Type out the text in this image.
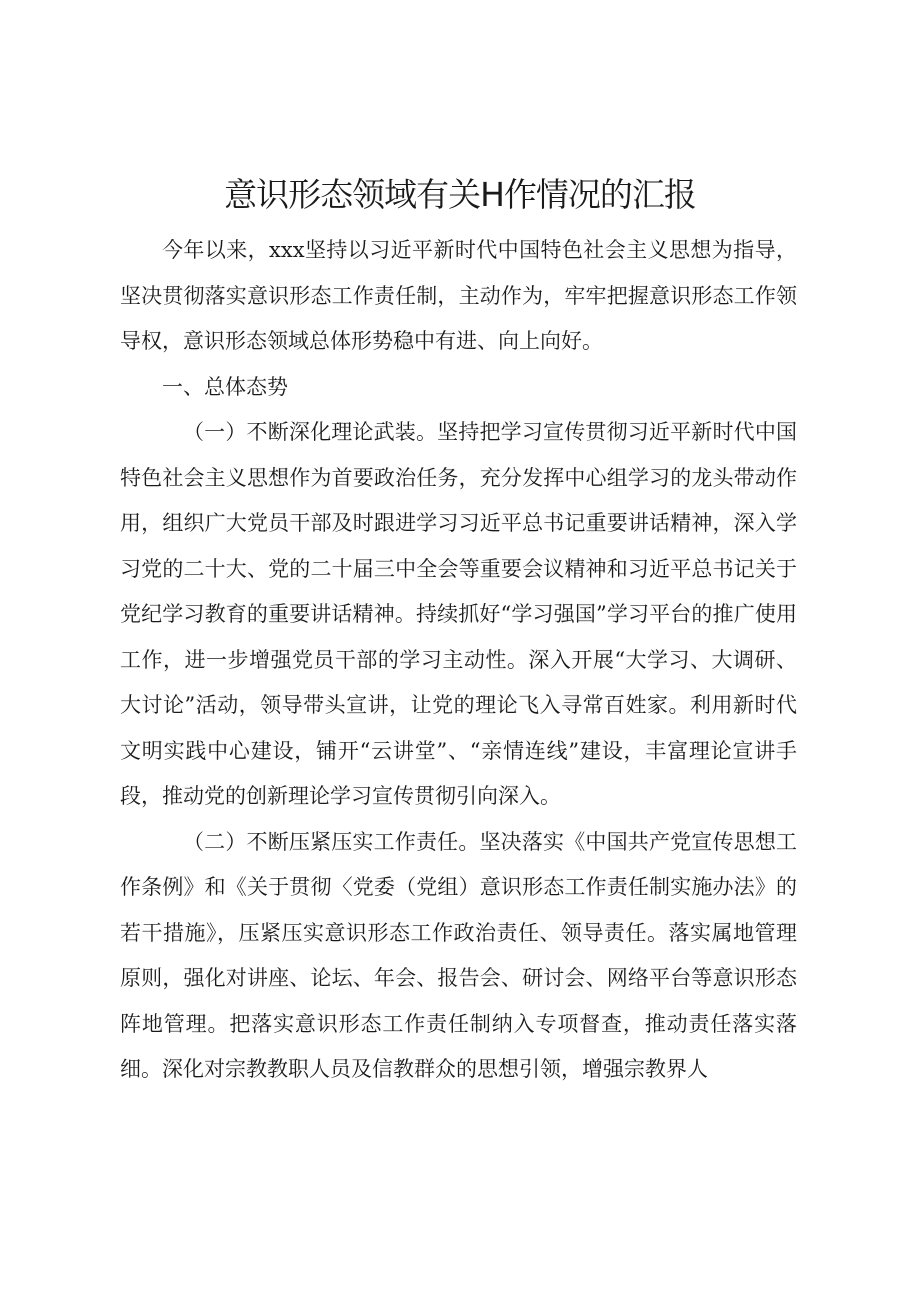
意识形态领域有关H作情况的汇报

今年以来，xxx坚持以习近平新时代中国特色社会主义思想为指导，坚决贯彻落实意识形态工作责任制，主动作为，牢牢把握意识形态工作领导权，意识形态领域总体形势稳中有进、向上向好。

一、总体态势

（一）不断深化理论武装。坚持把学习宣传贯彻习近平新时代中国特色社会主义思想作为首要政治任务，充分发挥中心组学习的龙头带动作用，组织广大党员干部及时跟进学习习近平总书记重要讲话精神，深入学习党的二十大、党的二十届三中全会等重要会议精神和习近平总书记关于党纪学习教育的重要讲话精神。持续抓好“学习强国”学习平台的推广使用工作，进一步增强党员干部的学习主动性。深入开展“大学习、大调研、大讨论”活动，领导带头宣讲，让党的理论飞入寻常百姓家。利用新时代文明实践中心建设，铺开“云讲堂”、“亲情连线”建设，丰富理论宣讲手段，推动党的创新理论学习宣传贯彻引向深入。

（二）不断压紧压实工作责任。坚决落实《中国共产党宣传思想工作条例》和《关于贯彻〈党委（党组）意识形态工作责任制实施办法》的若干措施》，压紧压实意识形态工作政治责任、领导责任。落实属地管理原则，强化对讲座、论坛、年会、报告会、研讨会、网络平台等意识形态阵地管理。把落实意识形态工作责任制纳入专项督查，推动责任落实落细。深化对宗教教职人员及信教群众的思想引领，增强宗教界人
